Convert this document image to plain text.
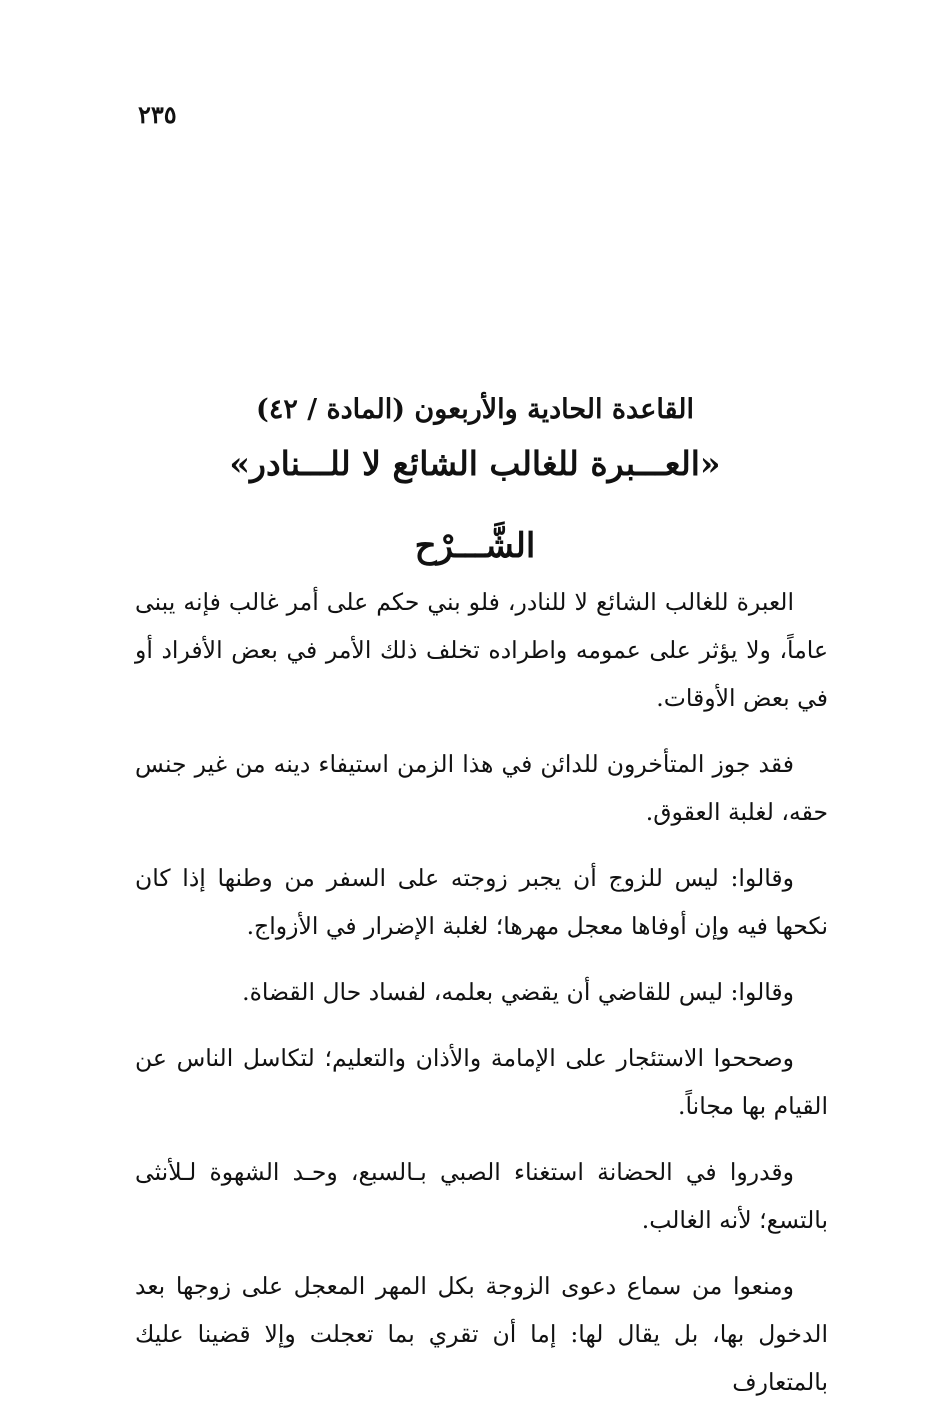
٢٣٥
القاعدة الحادية والأربعون (المادة / ٤٢)
«العـــبرة للغالب الشائع لا للـــنادر»
الشَّـــرْح

العبرة للغالب الشائع لا للنادر، فلو بني حكم على أمر غالب فإنه يبنى عاماً، ولا يؤثر على عمومه واطراده تخلف ذلك الأمر في بعض الأفراد أو في بعض الأوقات.

فقد جوز المتأخرون للدائن في هذا الزمن استيفاء دينه من غير جنس حقه، لغلبة العقوق.

وقالوا: ليس للزوج أن يجبر زوجته على السفر من وطنها إذا كان نكحها فيه وإن أوفاها معجل مهرها؛ لغلبة الإضرار في الأزواج.

وقالوا: ليس للقاضي أن يقضي بعلمه، لفساد حال القضاة.

وصححوا الاستئجار على الإمامة والأذان والتعليم؛ لتكاسل الناس عن القيام بها مجاناً.

وقدروا في الحضانة استغناء الصبي بـالسبع، وحـد الشهوة لـلأنثى بالتسع؛ لأنه الغالب.

ومنعوا من سماع دعوى الزوجة بكل المهر المعجل على زوجها بعد الدخول بها، بل يقال لها: إما أن تقري بما تعجلت وإلا قضينا عليك بالمتعارف
